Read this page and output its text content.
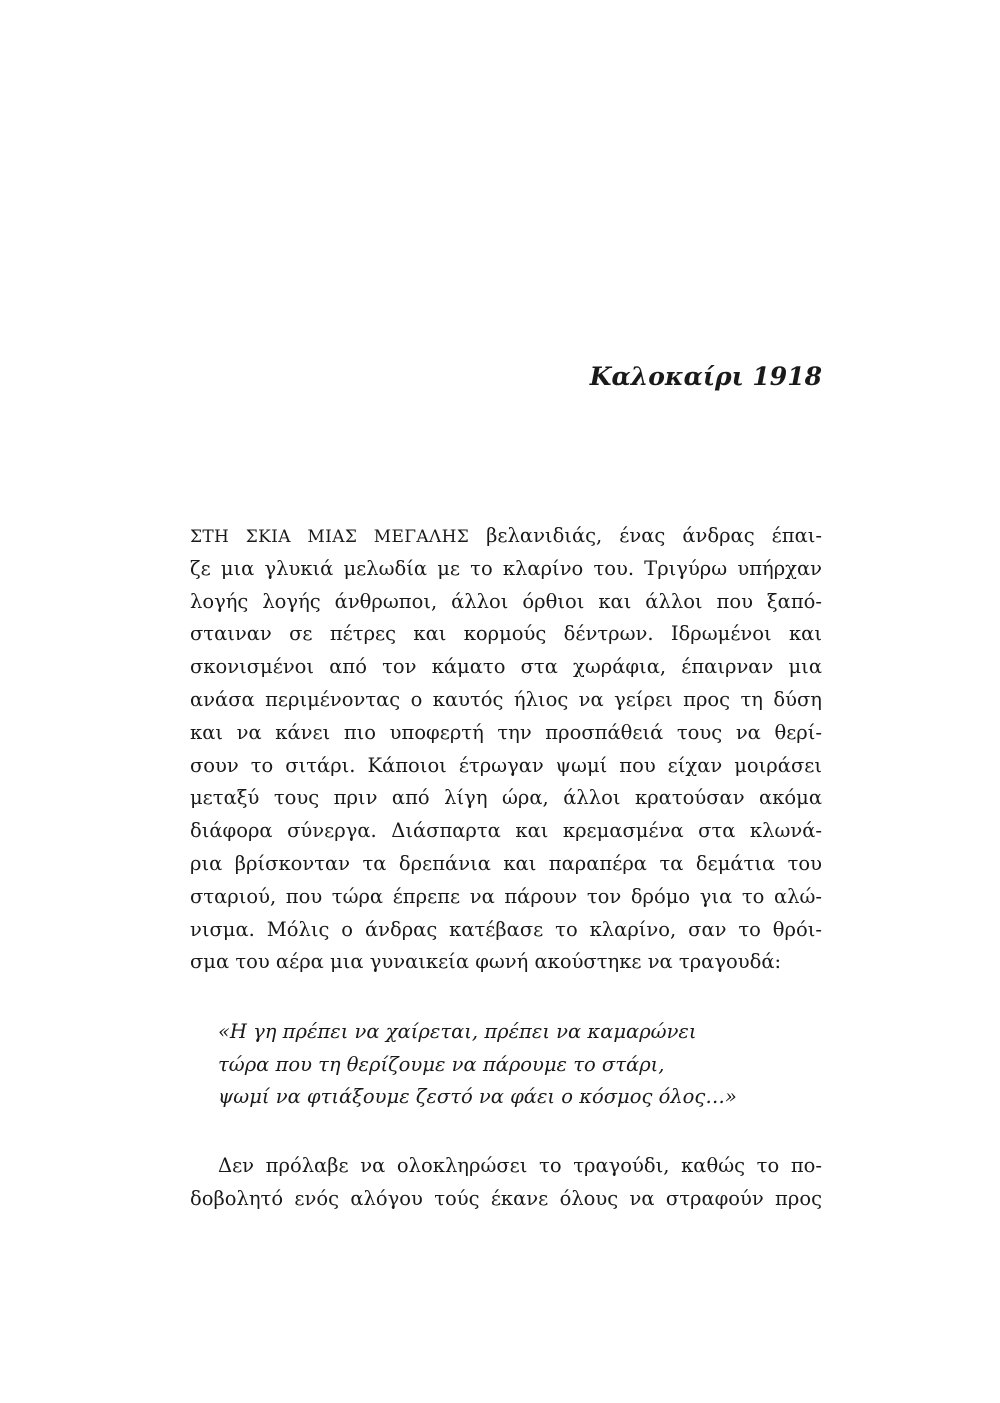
Καλοκαίρι 1918
ΣΤΗ ΣΚΙΑ ΜΙΑΣ ΜΕΓΑΛΗΣ βελανιδιάς, ένας άνδρας έπαι-
ζε μια γλυκιά μελωδία με το κλαρίνο του. Τριγύρω υπήρχαν
λογής λογής άνθρωποι, άλλοι όρθιοι και άλλοι που ξαπό-
σταιναν σε πέτρες και κορμούς δέντρων. Ιδρωμένοι και
σκονισμένοι από τον κάματο στα χωράφια, έπαιρναν μια
ανάσα περιμένοντας ο καυτός ήλιος να γείρει προς τη δύση
και να κάνει πιο υποφερτή την προσπάθειά τους να θερί-
σουν το σιτάρι. Κάποιοι έτρωγαν ψωμί που είχαν μοιράσει
μεταξύ τους πριν από λίγη ώρα, άλλοι κρατούσαν ακόμα
διάφορα σύνεργα. Διάσπαρτα και κρεμασμένα στα κλωνά-
ρια βρίσκονταν τα δρεπάνια και παραπέρα τα δεμάτια του
σταριού, που τώρα έπρεπε να πάρουν τον δρόμο για το αλώ-
νισμα. Μόλις ο άνδρας κατέβασε το κλαρίνο, σαν το θρόι-
σμα του αέρα μια γυναικεία φωνή ακούστηκε να τραγουδά:
«Η γη πρέπει να χαίρεται, πρέπει να καμαρώνει
τώρα που τη θερίζουμε να πάρουμε το στάρι,
ψωμί να φτιάξουμε ζεστό να φάει ο κόσμος όλος…»
Δεν πρόλαβε να ολοκληρώσει το τραγούδι, καθώς το πο-
δοβολητό ενός αλόγου τούς έκανε όλους να στραφούν προς
